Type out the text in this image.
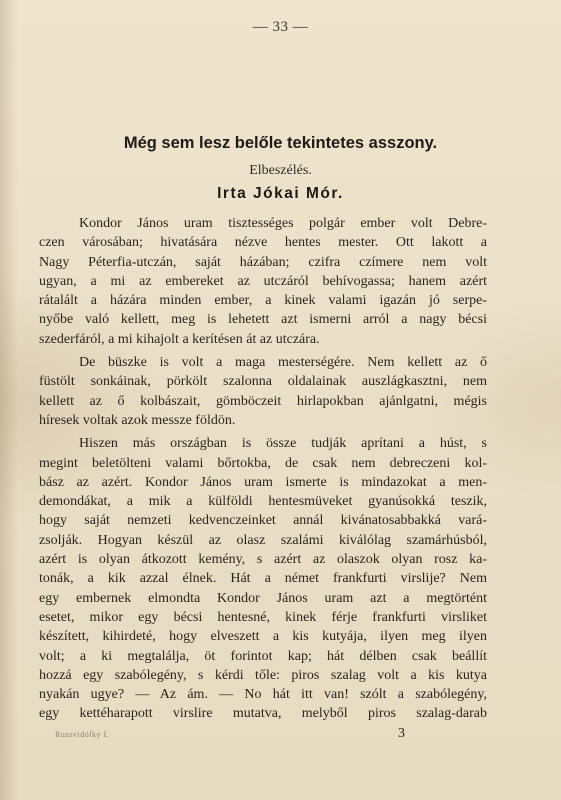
— 33 —
Még sem lesz belőle tekintetes asszony.
Elbeszélés.
Irta Jókai Mór.
Kondor János uram tisztességes polgár ember volt Debre-
czen városában; hivatására nézve hentes mester. Ott lakott a
Nagy Péterfia-utczán, saját házában; czifra czímere nem volt
ugyan, a mi az embereket az utczáról behívogassa; hanem azért
rátalált a házára minden ember, a kinek valami igazán jó serpe-
nyőbe való kellett, meg is lehetett azt ismerni arról a nagy bécsi
szederfáról, a mi kihajolt a kerítésen át az utczára.
De büszke is volt a maga mesterségére. Nem kellett az ő
füstölt sonkáinak, pörkölt szalonna oldalainak auszlágkasztni, nem
kellett az ő kolbászait, gömböczeit hirlapokban ajánlgatni, mégis
híresek voltak azok messze földön.
Hiszen más országban is össze tudják aprítani a húst, s
megint beletölteni valami bőrtokba, de csak nem debreczeni kol-
bász az azért. Kondor János uram ismerte is mindazokat a men-
demondákat, a mik a külföldi hentesmüveket gyanúsokká teszik,
hogy saját nemzeti kedvenczeinket annál kivánatosabbakká vará-
zsolják. Hogyan készül az olasz szalámi kiválólag szamárhúsból,
azért is olyan átkozott kemény, s azért az olaszok olyan rosz ka-
tonák, a kik azzal élnek. Hát a német frankfurti virslije? Nem
egy embernek elmondta Kondor János uram azt a megtörtént
esetet, mikor egy bécsi hentesné, kinek férje frankfurti virsliket
készített, kihirdeté, hogy elveszett a kis kutyája, ilyen meg ilyen
volt; a ki megtalálja, öt forintot kap; hát délben csak beállít
hozzá egy szabólegény, s kérdi tőle: piros szalag volt a kis kutya
nyakán ugye? — Az ám. — No hát itt van! szólt a szabólegény,
egy kettéharapott virslire mutatva, melyből piros szalag-darab
Ruzsvidólky I.	3
